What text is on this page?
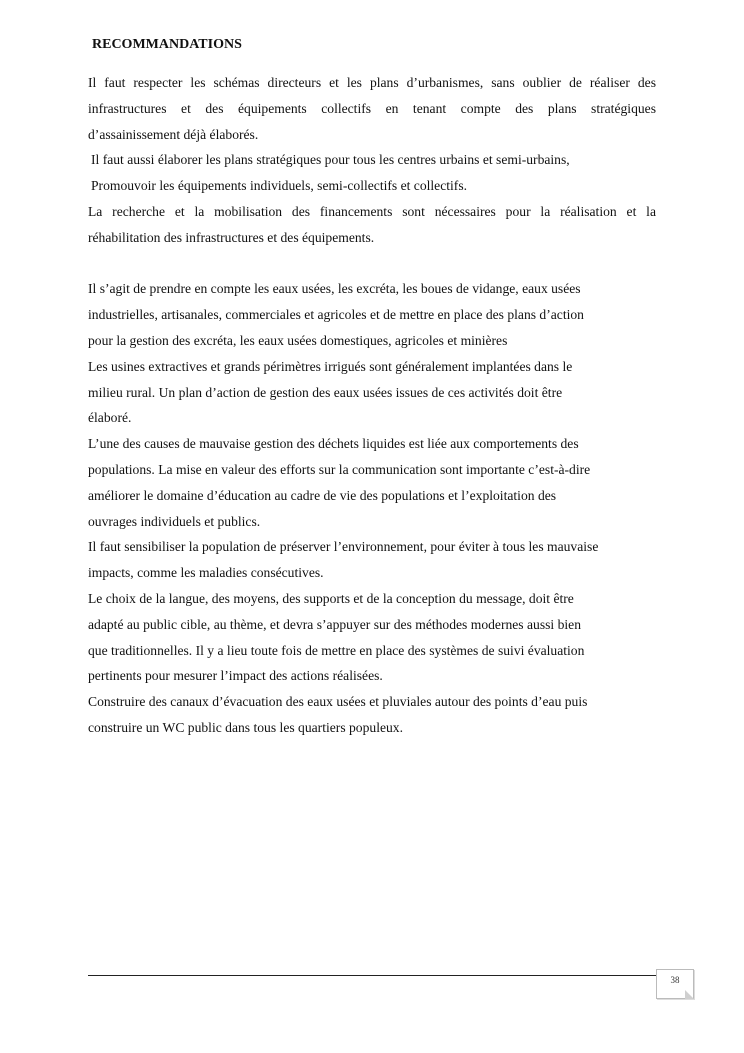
RECOMMANDATIONS

Il faut respecter les schémas directeurs et les plans d’urbanismes, sans oublier de réaliser des

infrastructures et des équipements collectifs en tenant compte des plans stratégiques

d’assainissement déjà élaborés.

Il faut aussi élaborer les plans stratégiques pour tous les centres urbains et semi-urbains,

Promouvoir les équipements individuels, semi-collectifs et collectifs.

La recherche et la mobilisation des financements sont nécessaires pour la réalisation et la

réhabilitation des infrastructures et des équipements.

Il s’agit de prendre en compte les eaux usées, les excréta, les boues de vidange, eaux usées

industrielles, artisanales, commerciales et agricoles et de mettre en place des plans d’action

pour la gestion des excréta, les eaux usées domestiques, agricoles et minières

Les usines extractives et grands périmètres irrigués sont généralement implantées dans le

milieu rural. Un plan d’action de gestion des eaux usées issues de ces activités doit être

élaboré.

L’une des causes de mauvaise gestion des déchets liquides est liée aux comportements des

populations. La mise en valeur des efforts sur la communication sont importante c’est-à-dire

améliorer le domaine d’éducation au cadre de vie des populations et l’exploitation des

ouvrages individuels et publics.

Il faut sensibiliser la population de préserver l’environnement, pour éviter à tous les mauvaise

impacts, comme les maladies consécutives.

Le choix de la langue, des moyens, des supports et de la conception du message, doit être

adapté au public cible, au thème, et devra s’appuyer sur des méthodes modernes aussi bien

que traditionnelles. Il y a lieu toute fois de mettre en place des systèmes de suivi évaluation

pertinents pour mesurer l’impact des actions réalisées.

Construire des canaux d’évacuation des eaux usées et pluviales autour des points d’eau puis

construire un WC public dans tous les quartiers populeux.

38
